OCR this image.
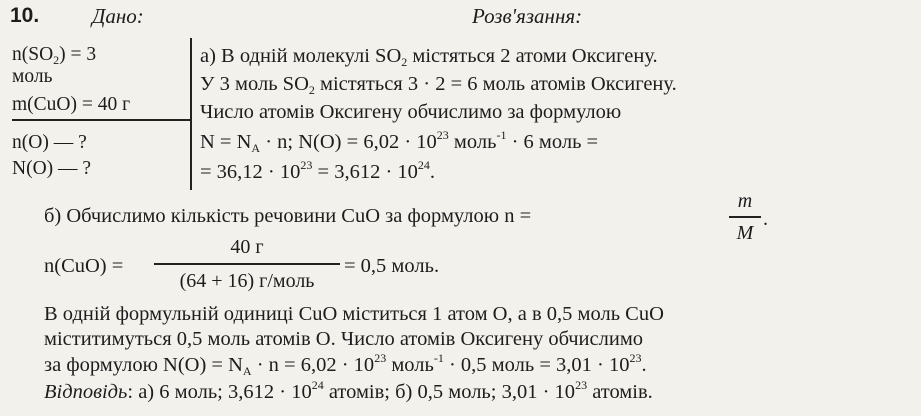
10.	Дано:	Розв'язання:
$n(SO_2) = 3$
моль
m(CuO) = 40 г
n(O) — ?
N(O) — ?
а) В одній молекулі $SO_2$ містяться 2 атоми Оксигену.
У 3 моль $SO_2$ містяться 3 · 2 = 6 моль атомів Оксигену.
Число атомів Оксигену обчислимо за формулою
$N = N_A \cdot n$; $N(O) = 6,02 \cdot 10^{23}$ моль$^{-1}$ · 6 моль =
= $36,12 \cdot 10^{23} = 3,612 \cdot 10^{24}$.
б) Обчислимо кількість речовини CuO за формулою n =
m
M
.
n(CuO) =
40 г
(64 + 16) г/моль
= 0,5 моль.
В одній формульній одиниці CuO міститься 1 атом O, а в 0,5 моль CuO
міститимуться 0,5 моль атомів O. Число атомів Оксигену обчислимо
за формулою $N(O) = N_A \cdot n = 6,02 \cdot 10^{23}$ моль$^{-1}$ · 0,5 моль = $3,01 \cdot 10^{23}$.
Відповідь: а) 6 моль; $3,612 \cdot 10^{24}$ атомів; б) 0,5 моль; $3,01 \cdot 10^{23}$ атомів.
